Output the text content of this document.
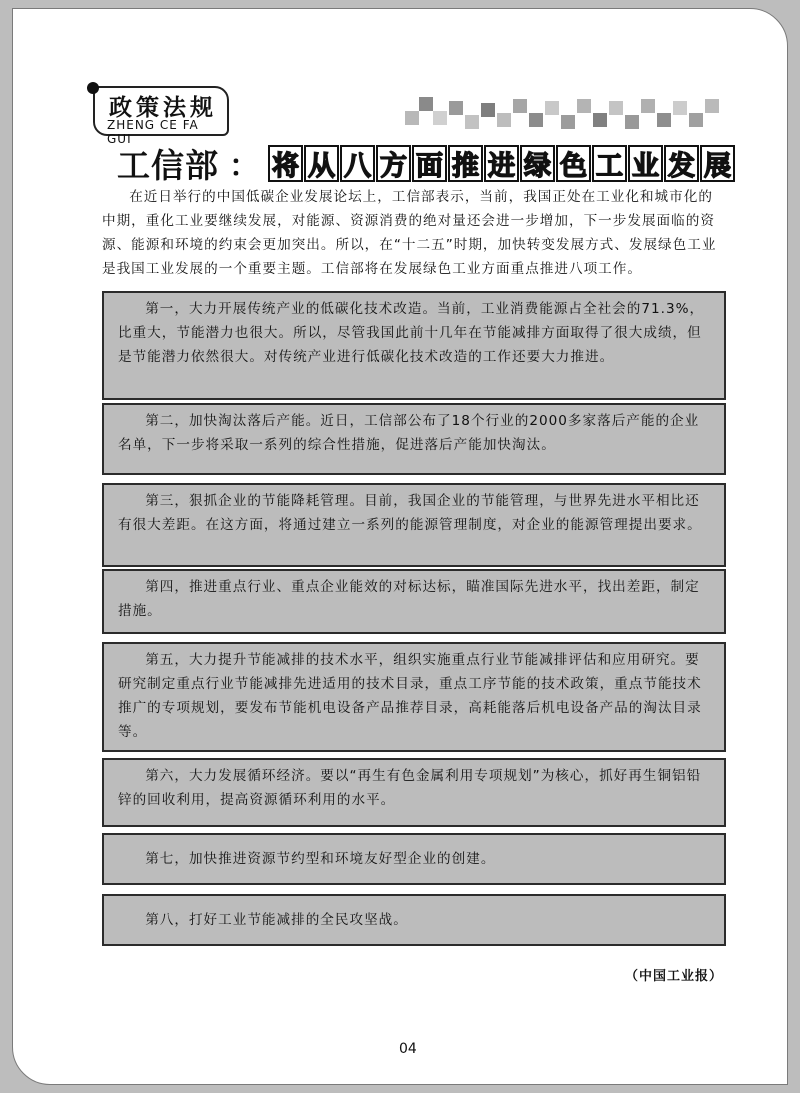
政策法规
ZHENG CE FA GUI
工信部 ： 将 从 八 方 面 推 进 绿 色 工 业 发 展

在近日举行的中国低碳企业发展论坛上，工信部表示，当前，我国正处在工业化和城市化的中期，重化工业要继续发展，对能源、资源消费的绝对量还会进一步增加，下一步发展面临的资源、能源和环境的约束会更加突出。所以，在“十二五”时期，加快转变发展方式、发展绿色工业是我国工业发展的一个重要主题。工信部将在发展绿色工业方面重点推进八项工作。

第一，大力开展传统产业的低碳化技术改造。当前，工业消费能源占全社会的71.3%，比重大，节能潜力也很大。所以，尽管我国此前十几年在节能减排方面取得了很大成绩，但是节能潜力依然很大。对传统产业进行低碳化技术改造的工作还要大力推进。

第二，加快淘汰落后产能。近日，工信部公布了18个行业的2000多家落后产能的企业名单，下一步将采取一系列的综合性措施，促进落后产能加快淘汰。

第三，狠抓企业的节能降耗管理。目前，我国企业的节能管理，与世界先进水平相比还有很大差距。在这方面，将通过建立一系列的能源管理制度，对企业的能源管理提出要求。

第四，推进重点行业、重点企业能效的对标达标，瞄准国际先进水平，找出差距，制定措施。

第五，大力提升节能减排的技术水平，组织实施重点行业节能减排评估和应用研究。要研究制定重点行业节能减排先进适用的技术目录，重点工序节能的技术政策，重点节能技术推广的专项规划，要发布节能机电设备产品推荐目录，高耗能落后机电设备产品的淘汰目录等。

第六，大力发展循环经济。要以“再生有色金属利用专项规划”为核心，抓好再生铜铝铅锌的回收利用，提高资源循环利用的水平。

第七，加快推进资源节约型和环境友好型企业的创建。

第八，打好工业节能减排的全民攻坚战。

（中国工业报）
04
